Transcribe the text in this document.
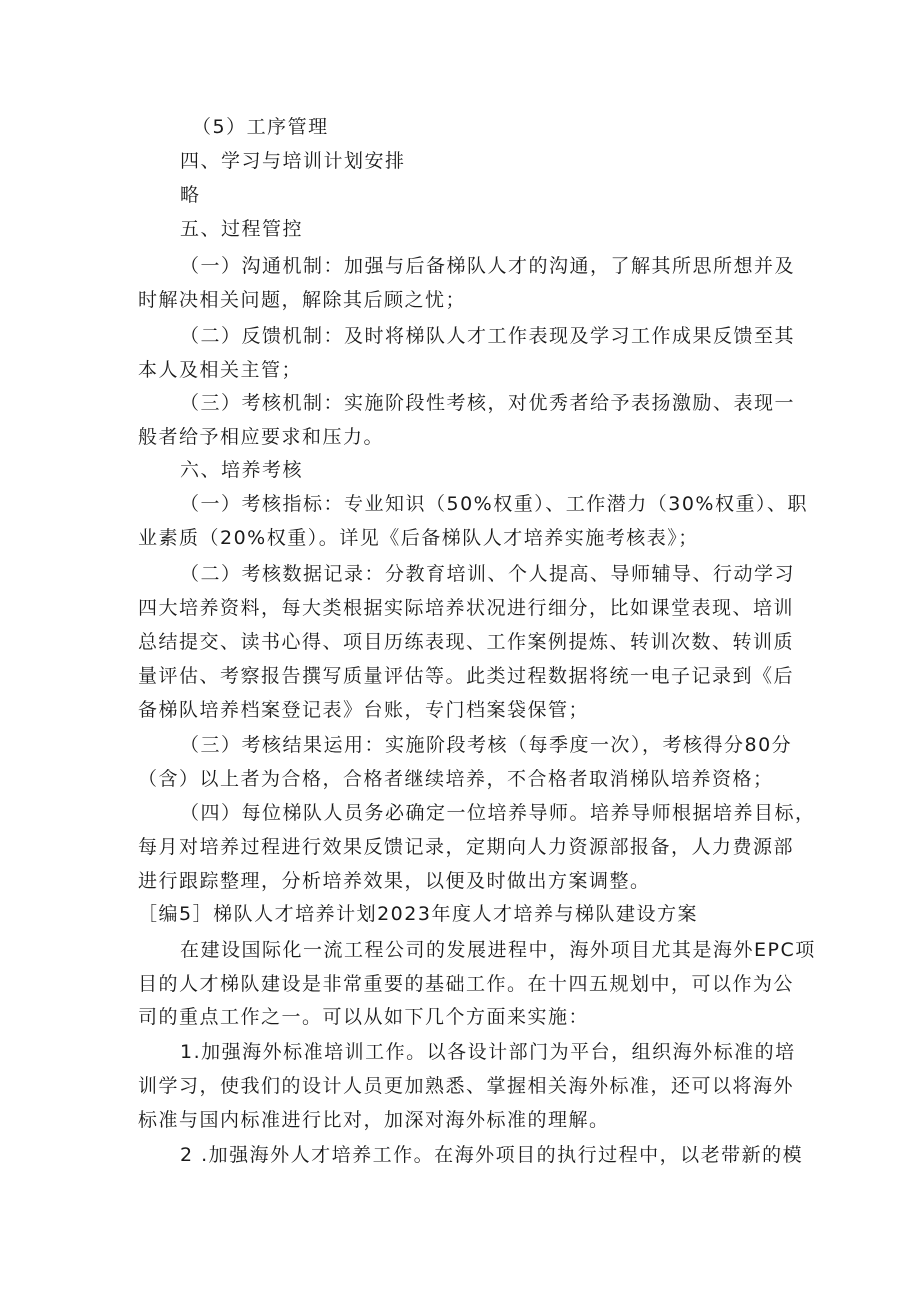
（5）工序管理
四、学习与培训计划安排
略
五、过程管控
（一）沟通机制：加强与后备梯队人才的沟通，了解其所思所想并及
时解决相关问题，解除其后顾之忧；
（二）反馈机制：及时将梯队人才工作表现及学习工作成果反馈至其
本人及相关主管；
（三）考核机制：实施阶段性考核，对优秀者给予表扬激励、表现一
般者给予相应要求和压力。
六、培养考核
（一）考核指标：专业知识（50%权重）、工作潜力（30%权重）、职
业素质（20%权重）。详见《后备梯队人才培养实施考核表》；
（二）考核数据记录：分教育培训、个人提高、导师辅导、行动学习
四大培养资料，每大类根据实际培养状况进行细分，比如课堂表现、培训
总结提交、读书心得、项目历练表现、工作案例提炼、转训次数、转训质
量评估、考察报告撰写质量评估等。此类过程数据将统一电子记录到《后
备梯队培养档案登记表》台账，专门档案袋保管；
（三）考核结果运用：实施阶段考核（每季度一次），考核得分80分
（含）以上者为合格，合格者继续培养，不合格者取消梯队培养资格；
（四）每位梯队人员务必确定一位培养导师。培养导师根据培养目标，
每月对培养过程进行效果反馈记录，定期向人力资源部报备，人力费源部
进行跟踪整理，分析培养效果，以便及时做出方案调整。
［编5］梯队人才培养计划2023年度人才培养与梯队建设方案
在建设国际化一流工程公司的发展进程中，海外项目尤其是海外EPC项
目的人才梯队建设是非常重要的基础工作。在十四五规划中，可以作为公
司的重点工作之一。可以从如下几个方面来实施：
1.加强海外标准培训工作。以各设计部门为平台，组织海外标准的培
训学习，使我们的设计人员更加熟悉、掌握相关海外标准，还可以将海外
标准与国内标准进行比对，加深对海外标准的理解。
2 .加强海外人才培养工作。在海外项目的执行过程中，以老带新的模
